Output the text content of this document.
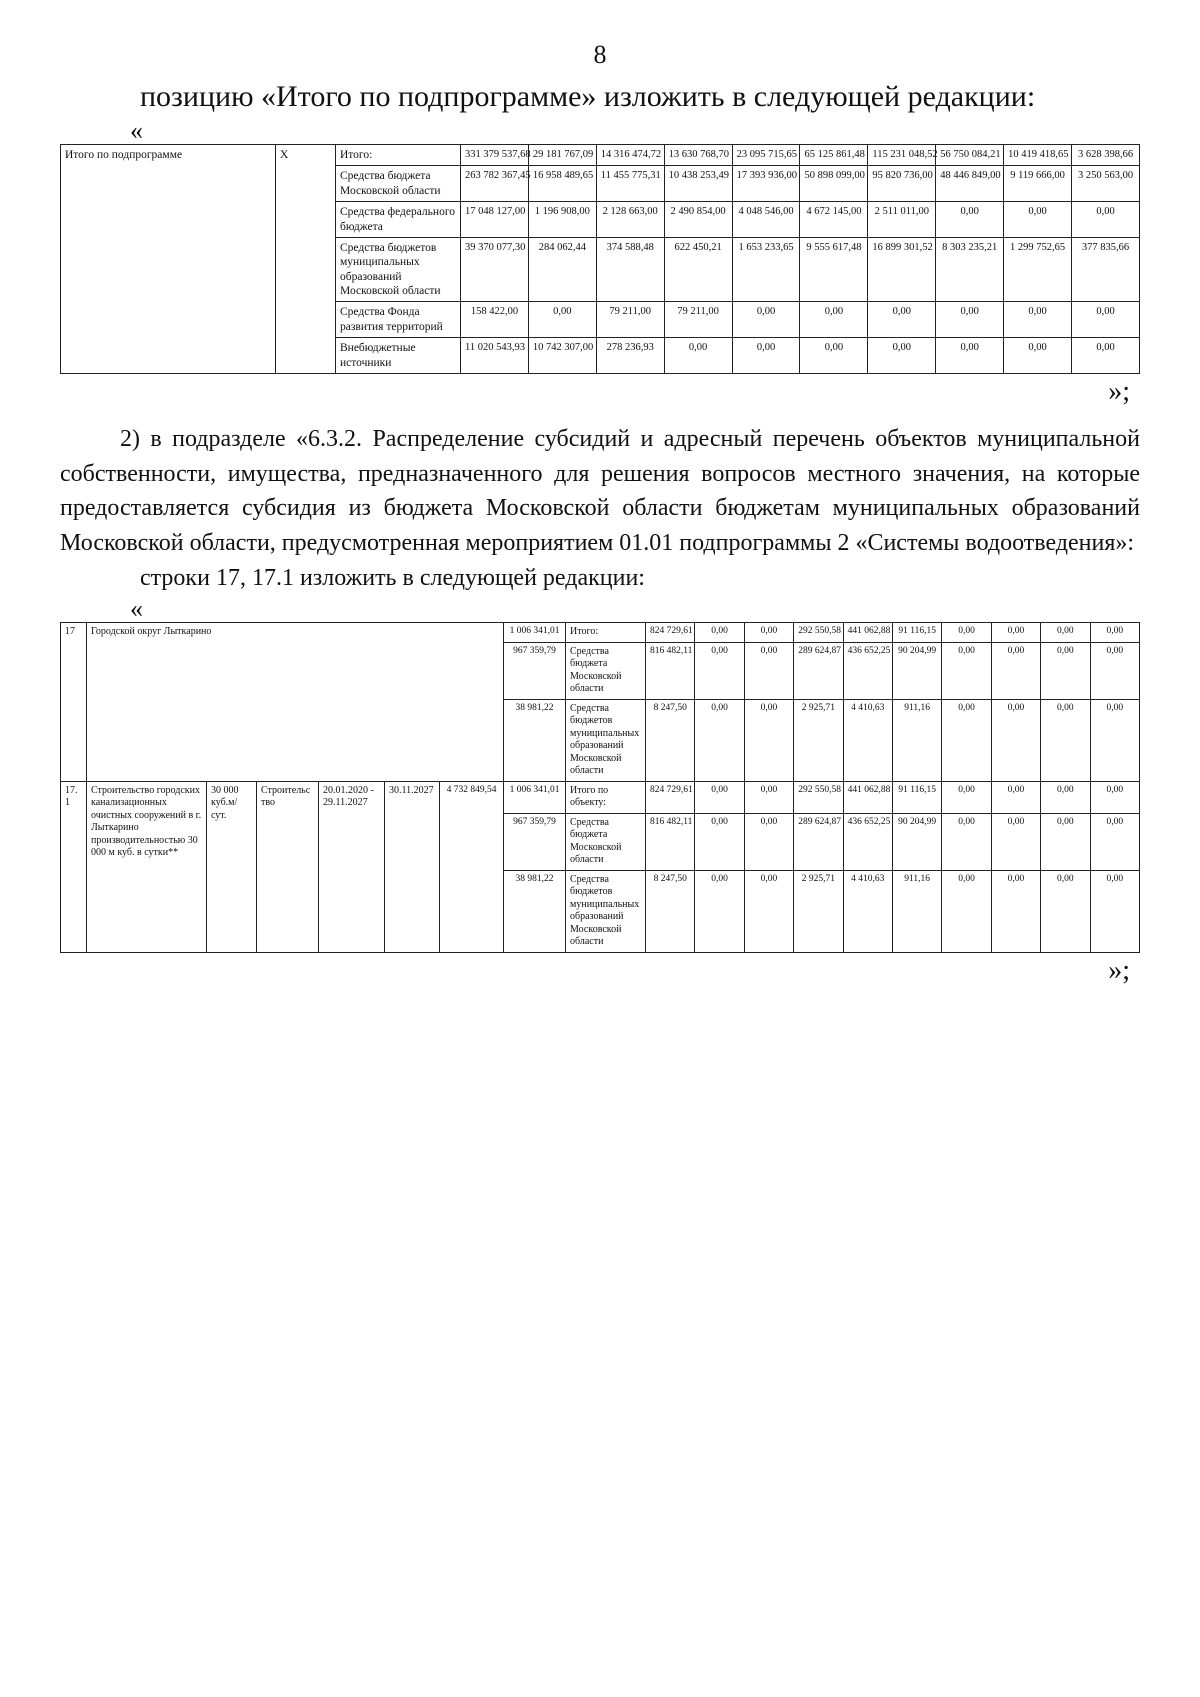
8
позицию «Итого по подпрограмме» изложить в следующей редакции:
«
Итого по подпрограмме	X	Итого:	331 379 537,68	29 181 767,09	14 316 474,72	13 630 768,70	23 095 715,65	65 125 861,48	115 231 048,52	56 750 084,21	10 419 418,65	3 628 398,66
		Средства бюджета Московской области	263 782 367,45	16 958 489,65	11 455 775,31	10 438 253,49	17 393 936,00	50 898 099,00	95 820 736,00	48 446 849,00	9 119 666,00	3 250 563,00
		Средства федерального бюджета	17 048 127,00	1 196 908,00	2 128 663,00	2 490 854,00	4 048 546,00	4 672 145,00	2 511 011,00	0,00	0,00	0,00
		Средства бюджетов муниципальных образований Московской области	39 370 077,30	284 062,44	374 588,48	622 450,21	1 653 233,65	9 555 617,48	16 899 301,52	8 303 235,21	1 299 752,65	377 835,66
		Средства Фонда развития территорий	158 422,00	0,00	79 211,00	79 211,00	0,00	0,00	0,00	0,00	0,00	0,00
		Внебюджетные источники	11 020 543,93	10 742 307,00	278 236,93	0,00	0,00	0,00	0,00	0,00	0,00	0,00
»;
2) в подразделе «6.3.2. Распределение субсидий и адресный перечень объектов муниципальной собственности, имущества, предназначенного для решения вопросов местного значения, на которые предоставляется субсидия из бюджета Московской области бюджетам муниципальных образований Московской области, предусмотренная мероприятием 01.01 подпрограммы 2 «Системы водоотведения»:
строки 17, 17.1 изложить в следующей редакции:
«
17	Городской округ Лыткарино						1 006 341,01	Итого:	824 729,61	0,00	0,00	292 550,58	441 062,88	91 116,15	0,00	0,00	0,00	0,00
							967 359,79	Средства бюджета Московской области	816 482,11	0,00	0,00	289 624,87	436 652,25	90 204,99	0,00	0,00	0,00	0,00
							38 981,22	Средства бюджетов муниципальных образований Московской области	8 247,50	0,00	0,00	2 925,71	4 410,63	911,16	0,00	0,00	0,00	0,00
17.1	Строительство городских канализационных очистных сооружений в г. Лыткарино производительностью 30 000 м куб. в сутки**	30 000 куб.м/сут.	Строительство	20.01.2020 - 29.11.2027	30.11.2027	4 732 849,54	1 006 341,01	Итого по объекту:	824 729,61	0,00	0,00	292 550,58	441 062,88	91 116,15	0,00	0,00	0,00	0,00
							967 359,79	Средства бюджета Московской области	816 482,11	0,00	0,00	289 624,87	436 652,25	90 204,99	0,00	0,00	0,00	0,00
							38 981,22	Средства бюджетов муниципальных образований Московской области	8 247,50	0,00	0,00	2 925,71	4 410,63	911,16	0,00	0,00	0,00	0,00
»;
